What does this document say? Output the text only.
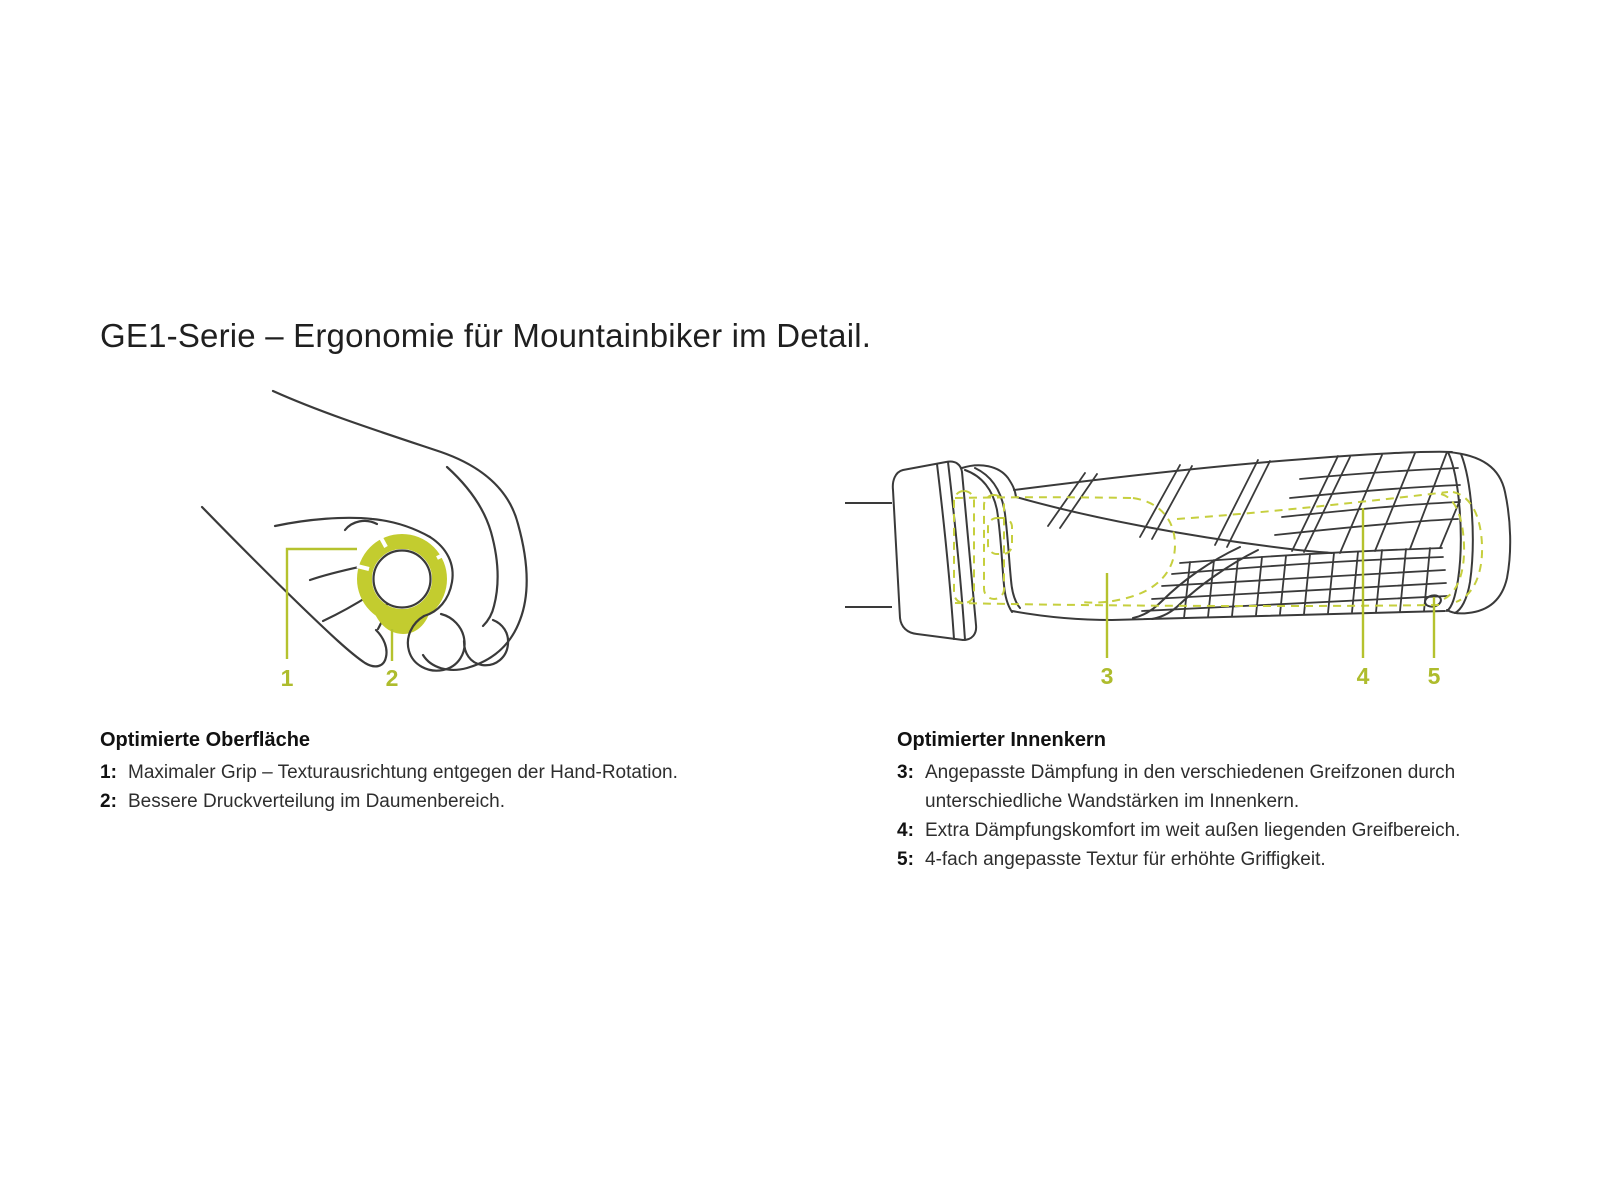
GE1-Serie – Ergonomie für Mountainbiker im Detail.
1	2	3	4	5
Optimierte Oberfläche
1: Maximaler Grip – Texturausrichtung entgegen der Hand-Rotation.
2: Bessere Druckverteilung im Daumenbereich.
Optimierter Innenkern
3: Angepasste Dämpfung in den verschiedenen Greifzonen durch
unterschiedliche Wandstärken im Innenkern.
4: Extra Dämpfungskomfort im weit außen liegenden Greifbereich.
5: 4-fach angepasste Textur für erhöhte Griffigkeit.
